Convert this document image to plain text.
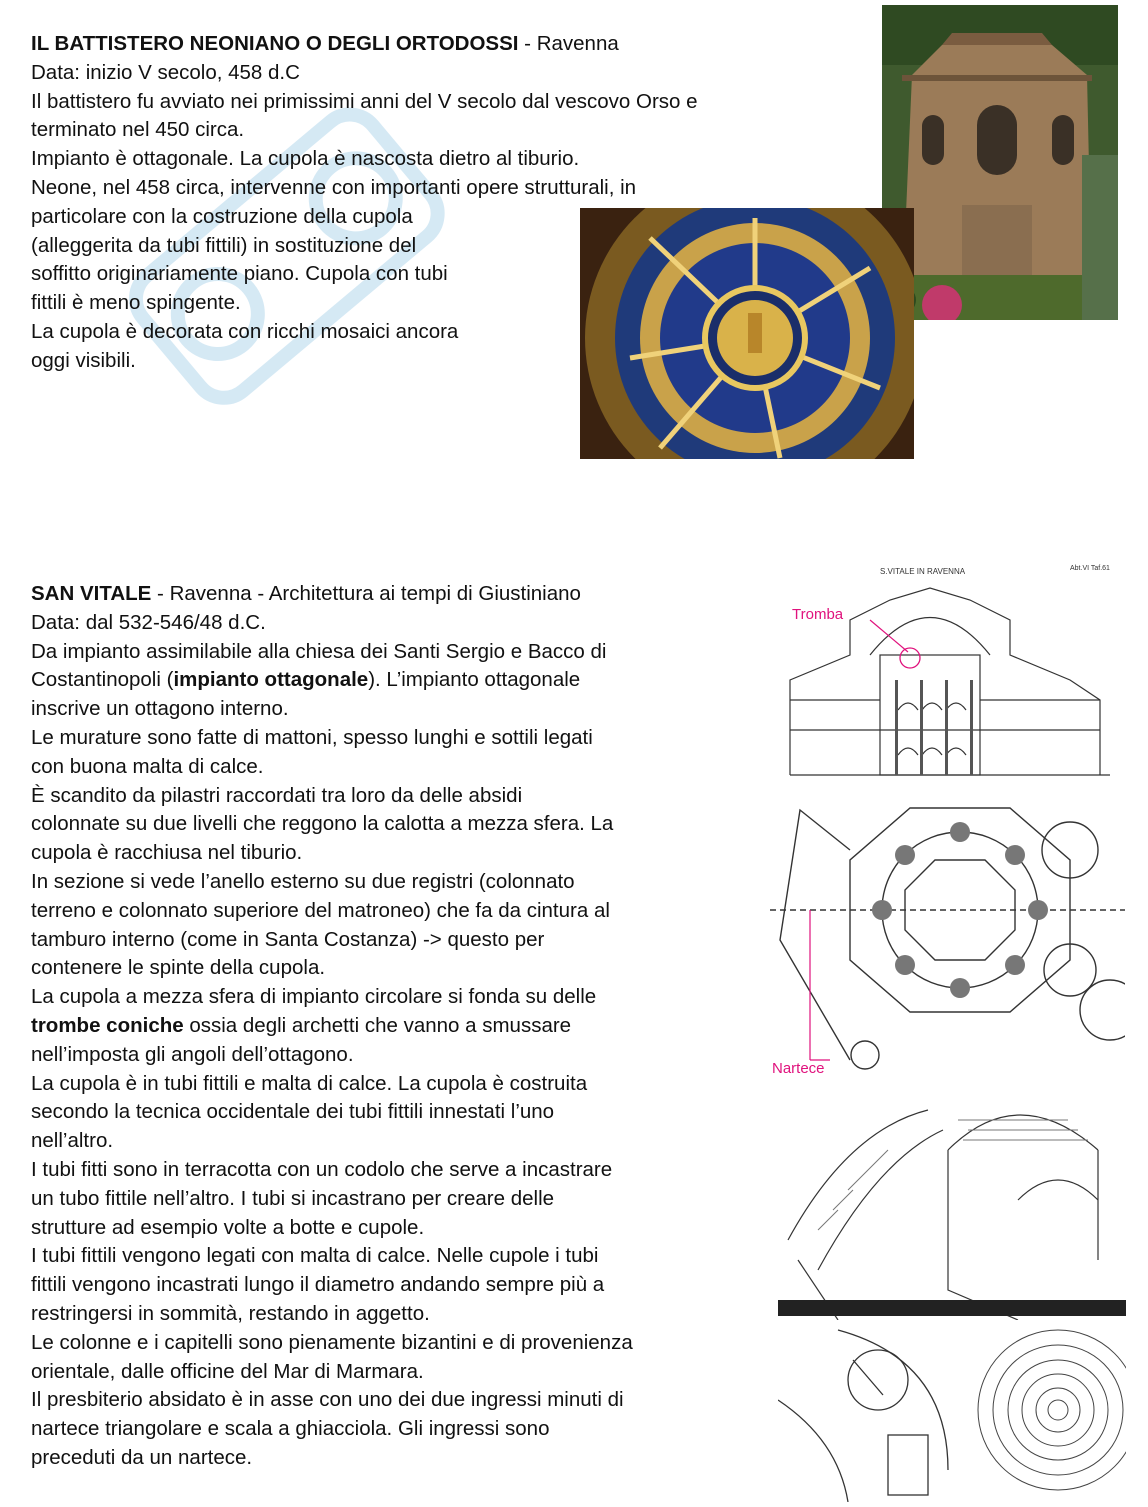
IL BATTISTERO NEONIANO O DEGLI ORTODOSSI - Ravenna
Data: inizio V secolo, 458 d.C
Il battistero fu avviato nei primissimi anni del V secolo dal vescovo Orso e
terminato nel 450 circa.
Impianto è ottagonale. La cupola è nascosta dietro al tiburio.
Neone, nel 458 circa, intervenne con importanti opere strutturali, in
particolare con la costruzione della cupola
(alleggerita da tubi fittili) in sostituzione del
soffitto originariamente piano. Cupola con tubi
fittili è meno spingente.
La cupola è decorata con ricchi mosaici ancora
oggi visibili.
SAN VITALE - Ravenna - Architettura ai tempi di Giustiniano
Data: dal 532-546/48 d.C.
Da impianto assimilabile alla chiesa dei Santi Sergio e Bacco di
Costantinopoli (impianto ottagonale). L’impianto ottagonale
inscrive un ottagono interno.
Le murature sono fatte di mattoni, spesso lunghi e sottili legati
con buona malta di calce.
È scandito da pilastri raccordati tra loro da delle absidi
colonnate su due livelli che reggono la calotta a mezza sfera. La
cupola è racchiusa nel tiburio.
In sezione si vede l’anello esterno su due registri (colonnato
terreno e colonnato superiore del matroneo) che fa da cintura al
tamburo interno (come in Santa Costanza) -> questo per
contenere le spinte della cupola.
La cupola a mezza sfera di impianto circolare si fonda su delle
trombe coniche ossia degli archetti che vanno a smussare
nell’imposta gli angoli dell’ottagono.
La cupola è in tubi fittili e malta di calce. La cupola è costruita
secondo la tecnica occidentale dei tubi fittili innestati l’uno
nell’altro.
I tubi fitti sono in terracotta con un codolo che serve a incastrare
un tubo fittile nell’altro. I tubi si incastrano per creare delle
strutture ad esempio volte a botte e cupole.
I tubi fittili vengono legati con malta di calce. Nelle cupole i tubi
fittili vengono incastrati lungo il diametro andando sempre più a
restringersi in sommità, restando in aggetto.
Le colonne e i capitelli sono pienamente bizantini e di provenienza
orientale, dalle officine del Mar di Marmara.
Il presbiterio absidato è in asse con uno dei due ingressi minuti di
nartece triangolare e scala a ghiacciola. Gli ingressi sono
preceduti da un nartece.
S.VITALE IN RAVENNA	Abt.VI Taf.61
Tromba
Nartece
